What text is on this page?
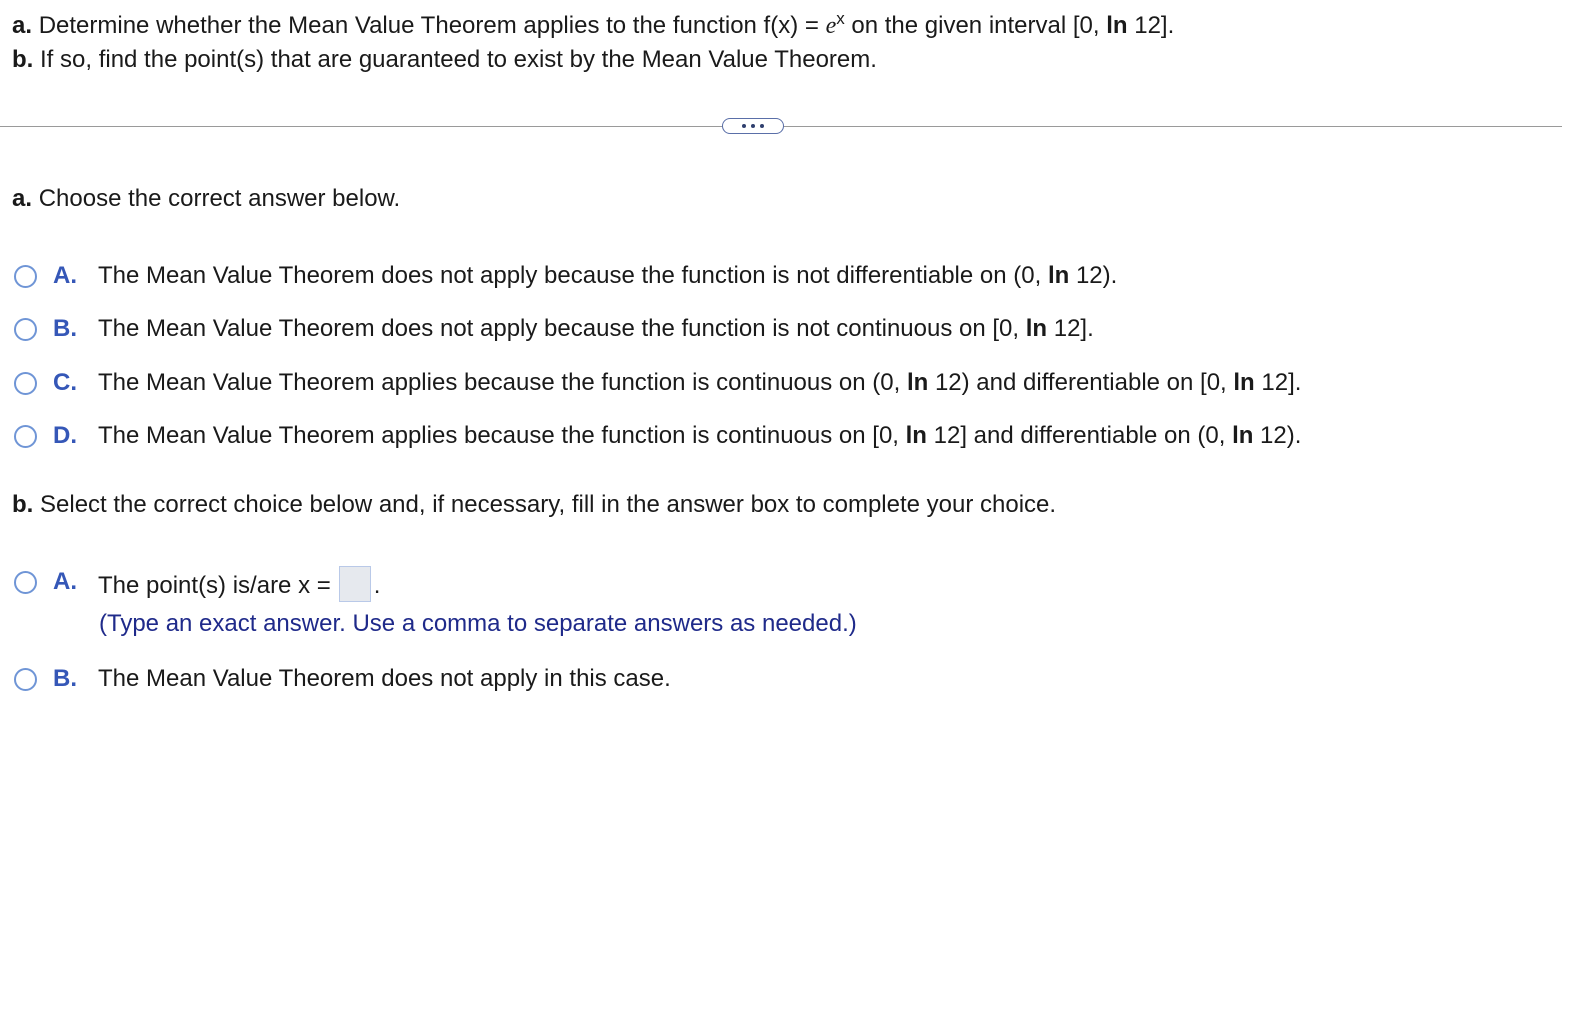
a. Determine whether the Mean Value Theorem applies to the function $f(x) = e^x$ on the given interval [0, ln 12].
b. If so, find the point(s) that are guaranteed to exist by the Mean Value Theorem.
a. Choose the correct answer below.
A. The Mean Value Theorem does not apply because the function is not differentiable on (0, ln 12).
B. The Mean Value Theorem does not apply because the function is not continuous on [0, ln 12].
C. The Mean Value Theorem applies because the function is continuous on (0, ln 12) and differentiable on [0, ln 12].
D. The Mean Value Theorem applies because the function is continuous on [0, ln 12] and differentiable on (0, ln 12).
b. Select the correct choice below and, if necessary, fill in the answer box to complete your choice.
A. The point(s) is/are x = .
(Type an exact answer. Use a comma to separate answers as needed.)
B. The Mean Value Theorem does not apply in this case.
